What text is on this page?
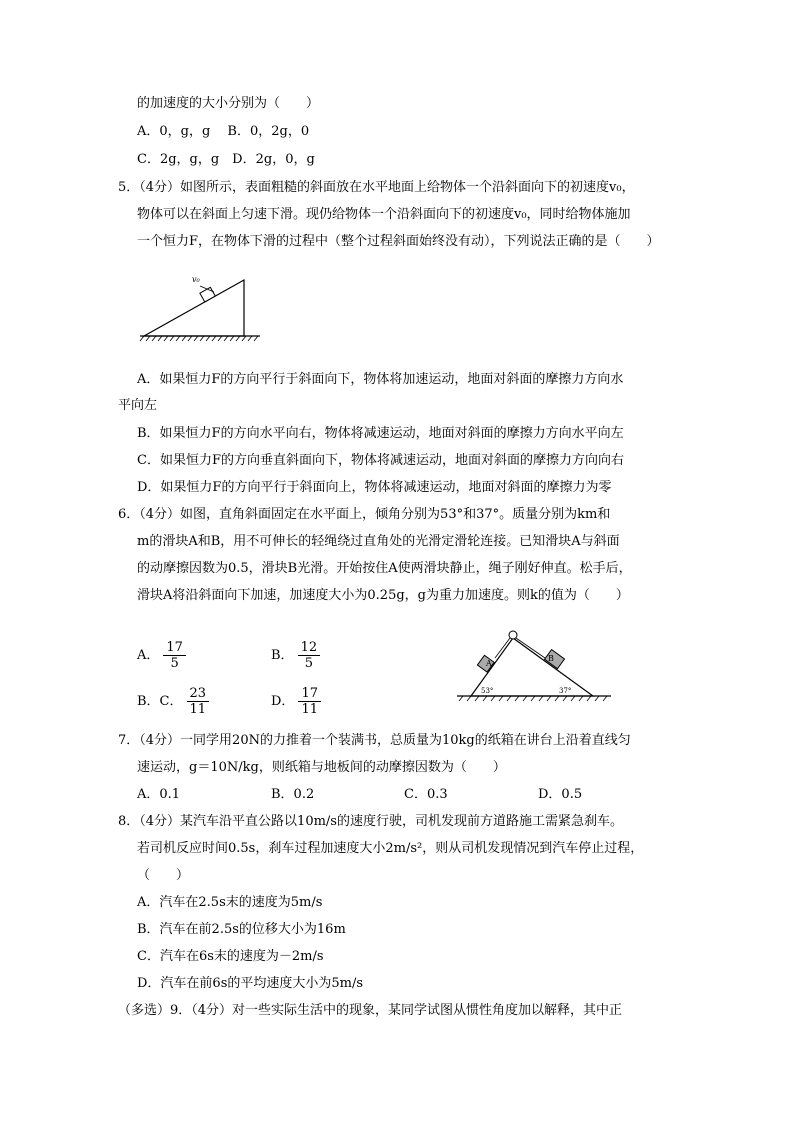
的加速度的大小分别为（　　）
A．0，g，g　 B．0，2g，0
C．2g，g，g　D．2g，0，g
5．（4分）如图所示，表面粗糙的斜面放在水平地面上给物体一个沿斜面向下的初速度v₀，
物体可以在斜面上匀速下滑。现仍给物体一个沿斜面向下的初速度v₀，同时给物体施加
一个恒力F，在物体下滑的过程中（整个过程斜面始终没有动），下列说法正确的是（　　）
v₀
A．如果恒力F的方向平行于斜面向下，物体将加速运动，地面对斜面的摩擦力方向水
平向左
B．如果恒力F的方向水平向右，物体将减速运动，地面对斜面的摩擦力方向水平向左
C．如果恒力F的方向垂直斜面向下，物体将减速运动，地面对斜面的摩擦力方向向右
D．如果恒力F的方向平行于斜面向上，物体将减速运动，地面对斜面的摩擦力为零
6．（4分）如图，直角斜面固定在水平面上，倾角分别为53°和37°。质量分别为km和
m的滑块A和B，用不可伸长的轻绳绕过直角处的光滑定滑轮连接。已知滑块A与斜面
的动摩擦因数为0.5，滑块B光滑。开始按住A使两滑块静止，绳子刚好伸直。松手后，
滑块A将沿斜面向下加速，加速度大小为0.25g，g为重力加速度。则k的值为（　　）
A． $\frac{17}{5}$	B． $\frac{12}{5}$
B．C． $\frac{23}{11}$	D． $\frac{17}{11}$
A
B
53°	37°
7．（4分）一同学用20N的力推着一个装满书，总质量为10kg的纸箱在讲台上沿着直线匀
速运动，g＝10N/kg，则纸箱与地板间的动摩擦因数为（　　）
A．0.1	B．0.2	C．0.3	D．0.5
8．（4分）某汽车沿平直公路以10m/s的速度行驶，司机发现前方道路施工需紧急刹车。
若司机反应时间0.5s，刹车过程加速度大小2m/s²，则从司机发现情况到汽车停止过程，
（　　）
A．汽车在2.5s末的速度为5m/s
B．汽车在前2.5s的位移大小为16m
C．汽车在6s末的速度为－2m/s
D．汽车在前6s的平均速度大小为5m/s
（多选）9．（4分）对一些实际生活中的现象，某同学试图从惯性角度加以解释，其中正
